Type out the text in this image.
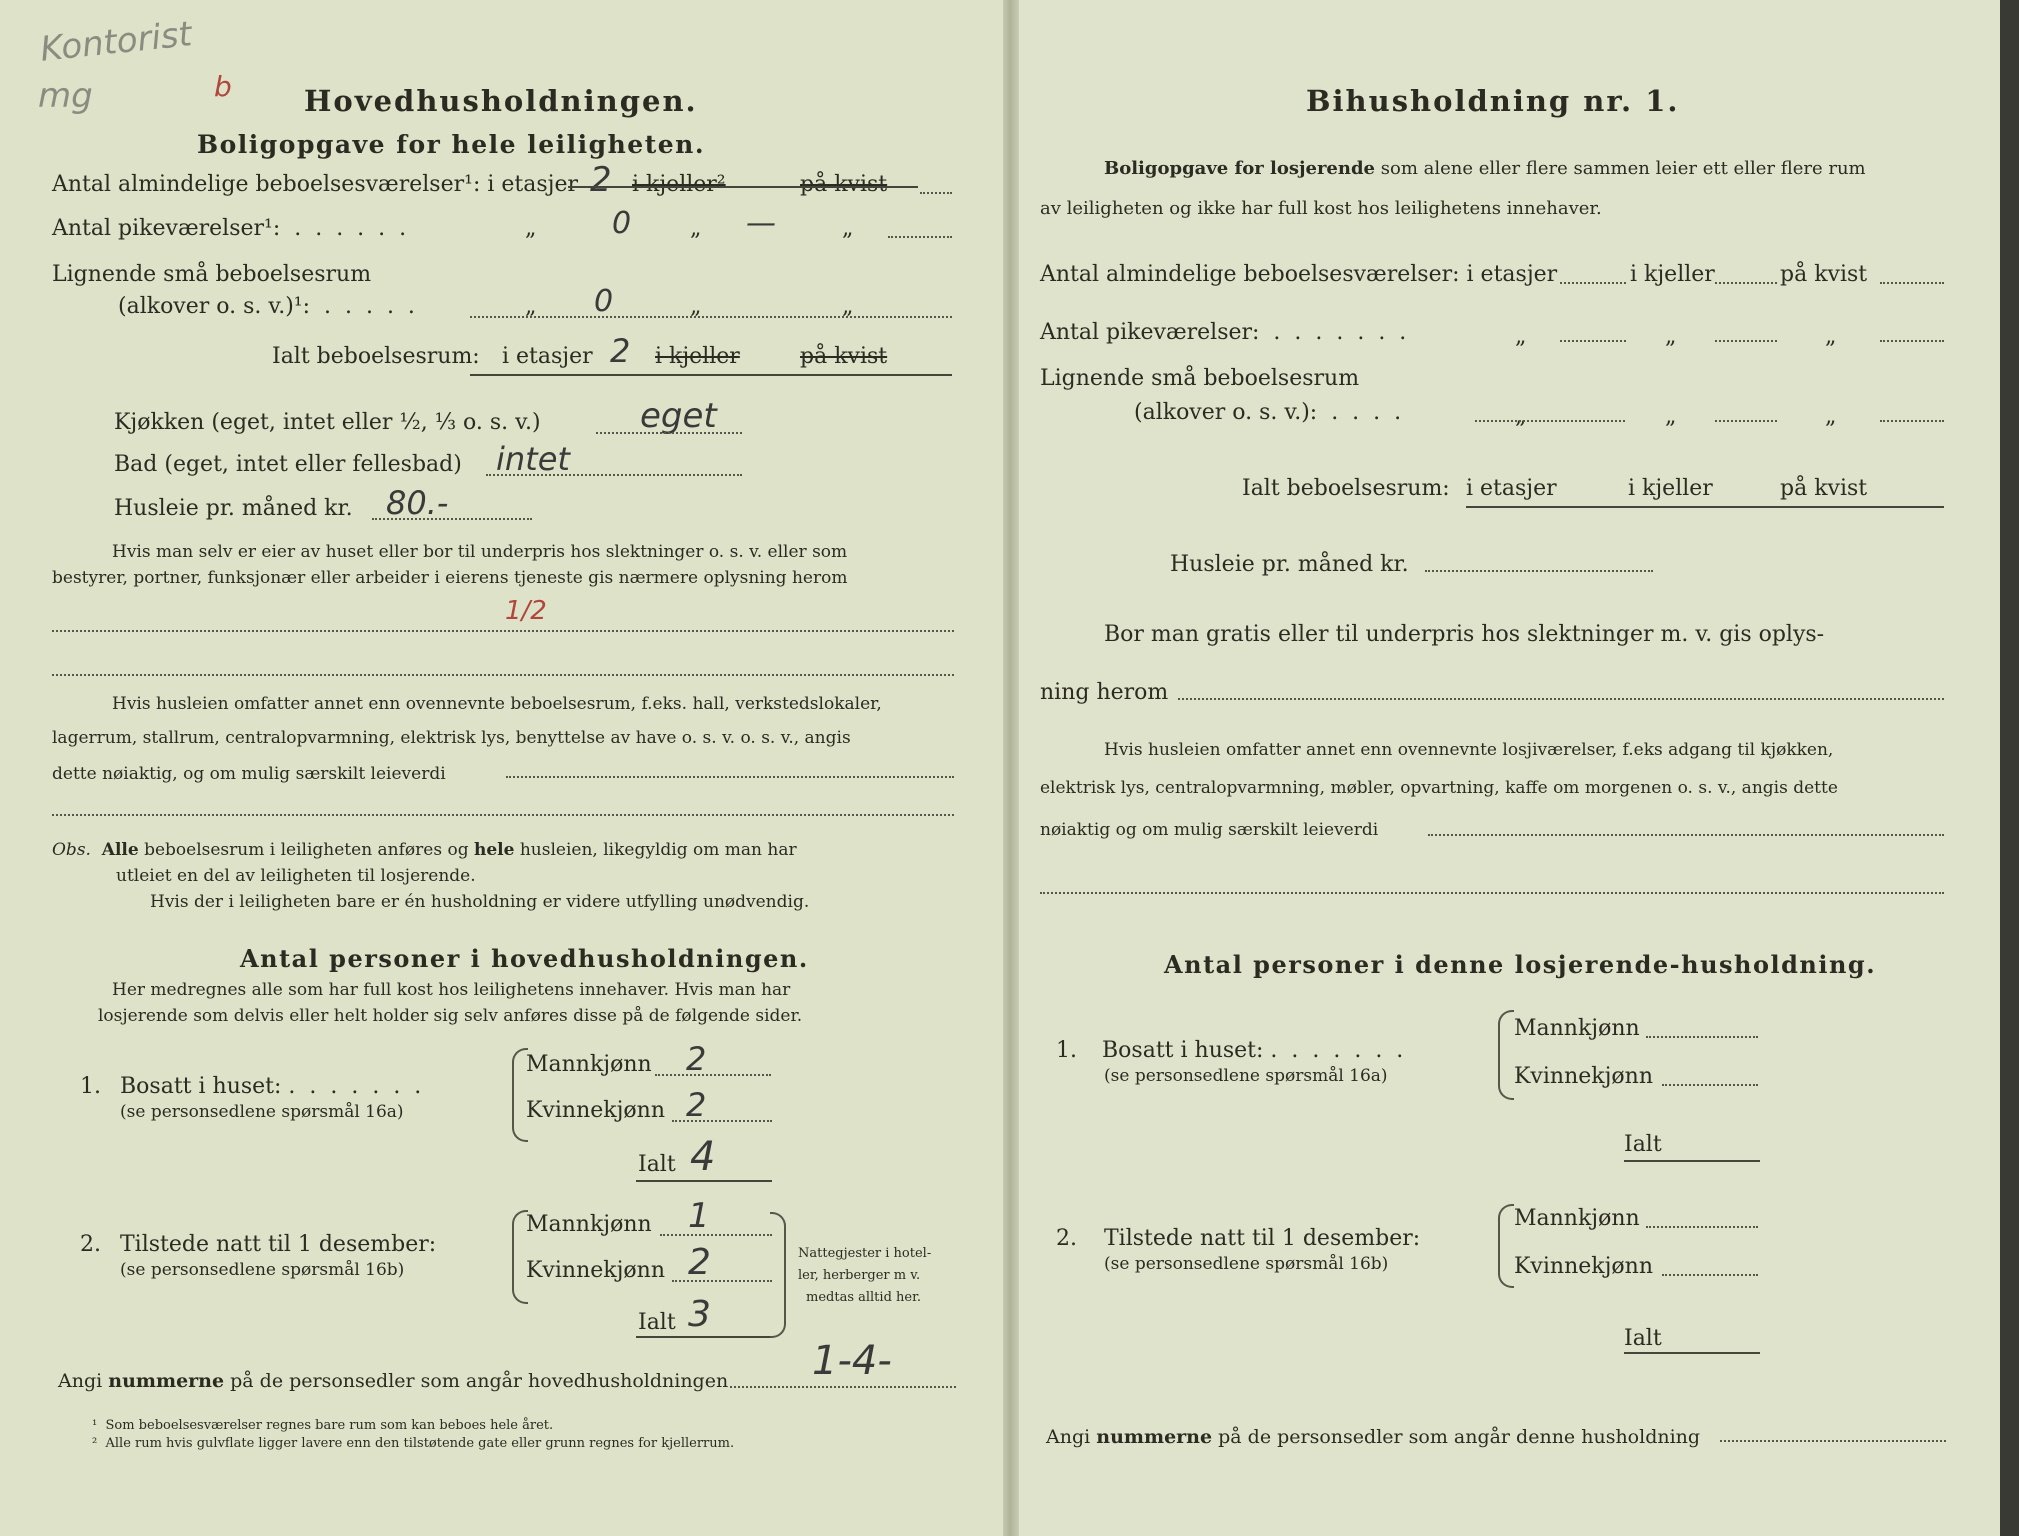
Kontorist
mg	b Hovedhusholdningen.
Boligopgave for hele leiligheten.
Antal almindelige beboelsesværelser¹: i etasjer 2 i kjeller²	på kvist
Antal pikeværelser¹:  .  .  .  .  .  .	„	0	„ —	„
Lignende små beboelsesrum
(alkover o. s. v.)¹:  .  .  .  .  .	„ 0	„	„
Ialt beboelsesrum: i etasjer 2 i kjeller	på kvist
Kjøkken (eget, intet eller ½, ⅓ o. s. v.)	eget
Bad (eget, intet eller fellesbad) intet
Husleie pr. måned kr. 80.-
Hvis man selv er eier av huset eller bor til underpris hos slektninger o. s. v. eller som
bestyrer, portner, funksjonær eller arbeider i eierens tjeneste gis nærmere oplysning herom
1/2
Hvis husleien omfatter annet enn ovennevnte beboelsesrum, f.eks. hall, verkstedslokaler,
lagerrum, stallrum, centralopvarmning, elektrisk lys, benyttelse av have o. s. v. o. s. v., angis
dette nøiaktig, og om mulig særskilt leieverdi
Obs. Alle beboelsesrum i leiligheten anføres og hele husleien, likegyldig om man har
utleiet en del av leiligheten til losjerende.
Hvis der i leiligheten bare er én husholdning er videre utfylling unødvendig.
Antal personer i hovedhusholdningen.
Her medregnes alle som har full kost hos leilighetens innehaver. Hvis man har
losjerende som delvis eller helt holder sig selv anføres disse på de følgende sider.
1. Bosatt i huset: .  .  .  .  .  .  .
(se personsedlene spørsmål 16a)
Mannkjønn 2
Kvinnekjønn 2
Ialt 4
2. Tilstede natt til 1 desember:
(se personsedlene spørsmål 16b)
Mannkjønn 1
Kvinnekjønn 2
Ialt 3
Nattegjester i hotel-
ler, herberger m v.
medtas alltid her.
Angi nummerne på de personsedler som angår hovedhusholdningen 1-4-
¹  Som beboelsesværelser regnes bare rum som kan beboes hele året.
²  Alle rum hvis gulvflate ligger lavere enn den tilstøtende gate eller grunn regnes for kjellerrum.
Bihusholdning nr. 1.
Boligopgave for losjerende som alene eller flere sammen leier ett eller flere rum
av leiligheten og ikke har full kost hos leilighetens innehaver.
Antal almindelige beboelsesværelser: i etasjer	i kjeller	på kvist
Antal pikeværelser:  .  .  .  .  .  .  .	„	„	„
Lignende små beboelsesrum
(alkover o. s. v.):  .  .  .  .	„	„	„
Ialt beboelsesrum: i etasjer	i kjeller	på kvist
Husleie pr. måned kr.
Bor man gratis eller til underpris hos slektninger m. v. gis oplys-
ning herom
Hvis husleien omfatter annet enn ovennevnte losjiværelser, f.eks adgang til kjøkken,
elektrisk lys, centralopvarmning, møbler, opvartning, kaffe om morgenen o. s. v., angis dette
nøiaktig og om mulig særskilt leieverdi
Antal personer i denne losjerende-husholdning.
1. Bosatt i huset: .  .  .  .  .  .  .
(se personsedlene spørsmål 16a)
Mannkjønn
Kvinnekjønn
Ialt
2. Tilstede natt til 1 desember:
(se personsedlene spørsmål 16b)
Mannkjønn
Kvinnekjønn
Ialt
Angi nummerne på de personsedler som angår denne husholdning
